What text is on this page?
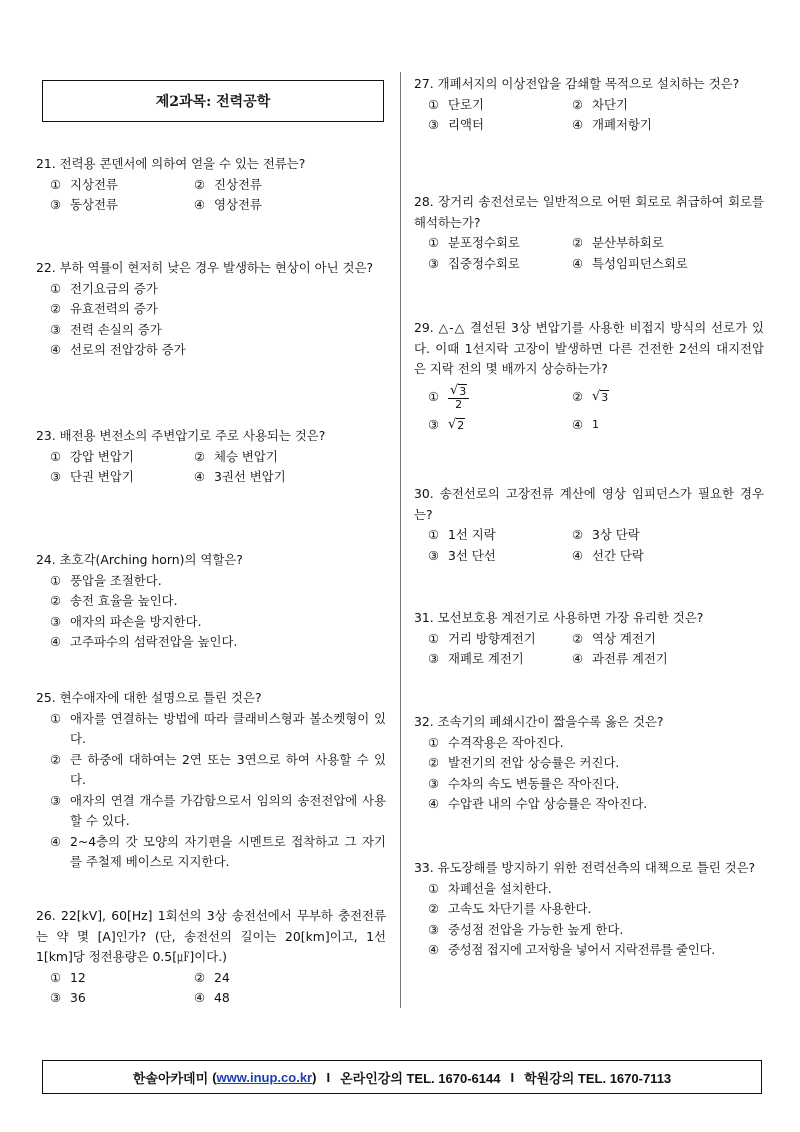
제2과목: 전력공학
21. 전력용 콘덴서에 의하여 얻을 수 있는 전류는?
① 지상전류	② 진상전류
③ 동상전류	④ 영상전류
22. 부하 역률이 현저히 낮은 경우 발생하는 현상이 아닌 것은?
① 전기요금의 증가
② 유효전력의 증가
③ 전력 손실의 증가
④ 선로의 전압강하 증가
23. 배전용 변전소의 주변압기로 주로 사용되는 것은?
① 강압 변압기	② 체승 변압기
③ 단권 변압기	④ 3권선 변압기
24. 초호각(Arching horn)의 역할은?
① 풍압을 조절한다.
② 송전 효율을 높인다.
③ 애자의 파손을 방지한다.
④ 고주파수의 섬락전압을 높인다.
25. 현수애자에 대한 설명으로 틀린 것은?
① 애자를 연결하는 방법에 따라 클래비스형과 볼소켓형이 있다.
② 큰 하중에 대하여는 2연 또는 3연으로 하여 사용할 수 있다.
③ 애자의 연결 개수를 가감함으로서 임의의 송전전압에 사용할 수 있다.
④ 2~4층의 갓 모양의 자기편을 시멘트로 접착하고 그 자기를 주철제 베이스로 지지한다.
26. 22[kV], 60[Hz] 1회선의 3상 송전선에서 무부하 충전전류는 약 몇 [A]인가? (단, 송전선의 길이는 20[km]이고, 1선 1[km]당 정전용량은 0.5[㎌]이다.)
① 12	② 24
③ 36	④ 48
27. 개폐서지의 이상전압을 감쇄할 목적으로 설치하는 것은?
① 단로기	② 차단기
③ 리액터	④ 개폐저항기
28. 장거리 송전선로는 일반적으로 어떤 회로로 취급하여 회로를 해석하는가?
① 분포정수회로	② 분산부하회로
③ 집중정수회로	④ 특성임피던스회로
29. △-△ 결선된 3상 변압기를 사용한 비접지 방식의 선로가 있다. 이때 1선지락 고장이 발생하면 다른 건전한 2선의 대지전압은 지락 전의 몇 배까지 상승하는가?
① $\frac{√ 3}{2}$	② √ 3
③ √ 2	④ 1
30. 송전선로의 고장전류 계산에 영상 임피던스가 필요한 경우는?
① 1선 지락	② 3상 단락
③ 3선 단선	④ 선간 단락
31. 모선보호용 계전기로 사용하면 가장 유리한 것은?
① 거리 방향계전기	② 역상 계전기
③ 재폐로 계전기	④ 과전류 계전기
32. 조속기의 폐쇄시간이 짧을수록 옳은 것은?
① 수격작용은 작아진다.
② 발전기의 전압 상승률은 커진다.
③ 수차의 속도 변동률은 작아진다.
④ 수압관 내의 수압 상승률은 작아진다.
33. 유도장해를 방지하기 위한 전력선측의 대책으로 틀린 것은?
① 차폐선을 설치한다.
② 고속도 차단기를 사용한다.
③ 중성점 전압을 가능한 높게 한다.
④ 중성점 접지에 고저항을 넣어서 지락전류를 줄인다.
한솔아카데미 ( www.inup.co.kr ) I 온라인강의 TEL. 1670-6144 I 학원강의 TEL. 1670-7113
